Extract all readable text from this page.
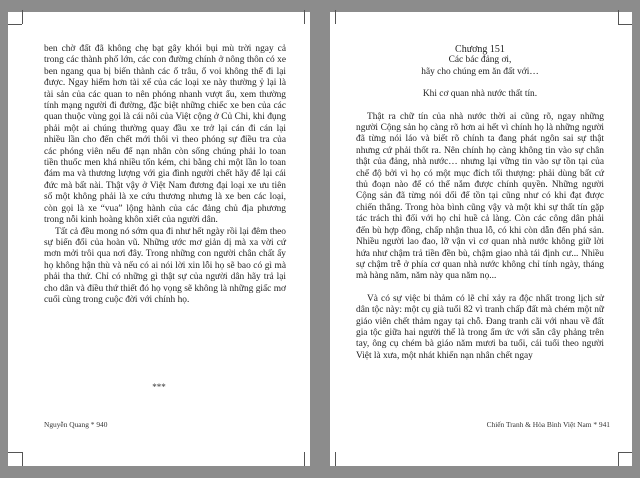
ben chờ đất đã không chẹ bạt gây khói bụi mù trời ngay cả trong các thành phố lớn, các con đường chính ở nông thôn có xe ben ngang qua bị biến thành các ổ trâu, ổ voi không thể đi lại được. Ngay hiểm hơn tài xế của các loại xe này thường ỷ lại là tài sản của các quan to nên phóng nhanh vượt ẩu, xem thường tính mạng người đi đường, đặc biệt những chiếc xe ben của các quan thuộc vùng gọi là cái nôi của Việt cộng ở Củ Chi, khi đụng phải một ai chúng thường quay đầu xe trở lại cán đi cán lại nhiều lần cho đến chết mới thôi vì theo phóng sự điều tra của các phóng viên nếu để nạn nhân còn sống chúng phải lo toan tiền thuốc men khá nhiều tốn kém, chi bằng chi một lần lo toan đám ma và thương lượng với gia đình người chết hãy để lại cái đức mà bất nài. Thật vậy ở Việt Nam đương đại loại xe ưu tiên số một không phải là xe cứu thương nhưng là xe ben các loại, còn gọi là xe “vua” lộng hành của các đảng chủ địa phương trong nỗi kinh hoàng khôn xiết của người dân.

Tất cả đều mong nó sớm qua đi như hết ngày rồi lại đêm theo sự biến đổi của hoàn vũ. Những ước mơ giản dị mà xa vời cứ mơn mởi trôi qua nơi đây. Trong những con người chân chất ấy họ không hận thù và nếu có ai nói lời xin lỗi họ sẽ bao có gì mà phải tha thứ. Chỉ có những gì thật sự của người dân hãy trả lại cho dân và điều thứ thiết đó họ vọng sẽ không là những giấc mơ cuối cùng trong cuộc đời với chính họ.

***
Nguyễn Quang * 940

Chương 151

Các bác đảng ơi,

hãy cho chúng em ăn đất với…

Khi cơ quan nhà nước thất tín.

Thật ra chữ tín của nhà nước thời ai cũng rõ, ngay những người Cộng sản họ càng rõ hơn ai hết vì chính họ là những người đã từng nói láo và biết rõ chính ta đang phát ngôn sai sự thật nhưng cứ phải thốt ra. Nên chính họ càng không tin vào sự chân thật của đảng, nhà nước… nhưng lại vững tin vào sự tồn tại của chế độ bởi vì họ có một mục đích tối thượng: phải dùng bất cứ thủ đoạn nào để có thể nắm được chính quyền. Những người Cộng sản đã từng nói dối để tồn tại cũng như có khi đạt được chiến thắng. Trong hòa bình cũng vậy và một khi sự thất tín gặp tác trách thì đối với họ chỉ huề cả làng. Còn các công dân phải đến bù hợp đồng, chấp nhận thua lỗ, có khi còn dẫn đến phá sản. Nhiều người lao đao, lỡ vận vì cơ quan nhà nước không giữ lời hứa như chậm trả tiền đền bù, chậm giao nhà tái định cư... Nhiều sự chậm trễ ở phía cơ quan nhà nước không chỉ tính ngày, tháng mà hàng năm, năm này qua năm nọ...

Và có sự việc bi thảm có lẽ chỉ xảy ra độc nhất trong lịch sử dân tộc này: một cụ già tuổi 82 vì tranh chấp đất mà chém một nữ giáo viên chết thảm ngay tại chỗ. Đang tranh cãi với nhau về đất gia tộc giữa hai người thế là trong ẩm ức với sẵn cây phảng trên tay, ông cụ chém bà giáo năm mươi ba tuổi, cái tuổi theo người Việt là xưa, một nhát khiến nạn nhân chết ngay

Chiến Tranh & Hòa Bình Việt Nam * 941
